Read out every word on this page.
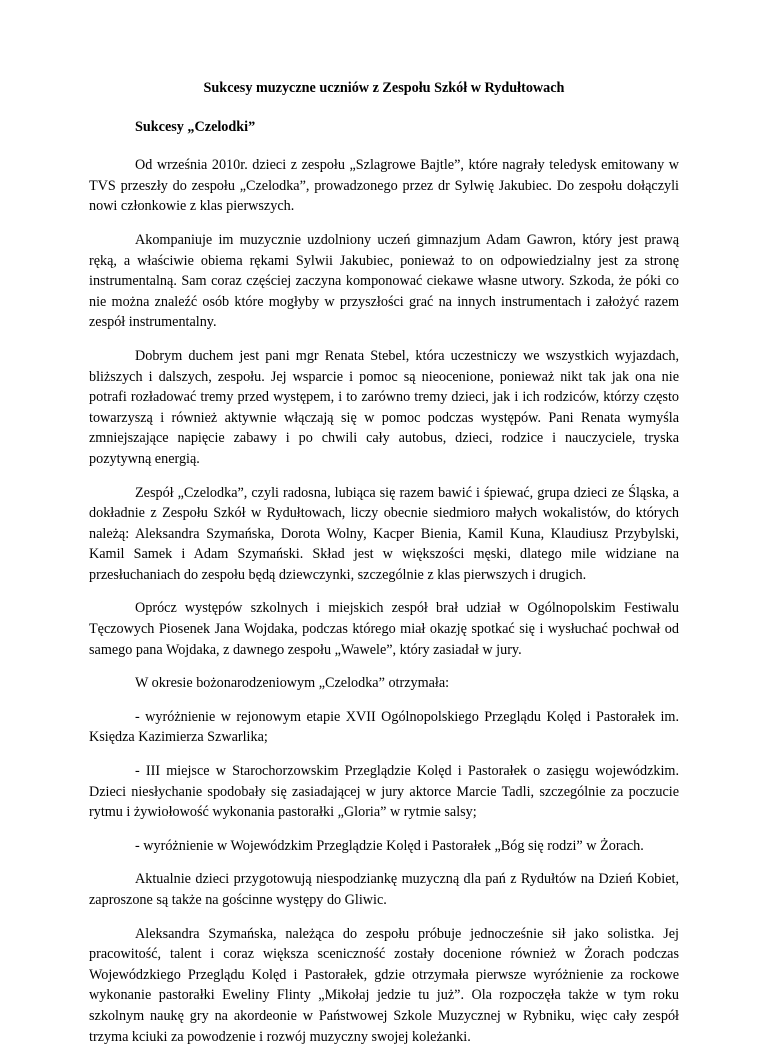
Sukcesy muzyczne uczniów z Zespołu Szkół w Rydułtowach
Sukcesy „Czelodki”

Od września 2010r. dzieci z zespołu „Szlagrowe Bajtle”, które nagrały teledysk emitowany w TVS przeszły do zespołu „Czelodka”, prowadzonego przez dr Sylwię Jakubiec. Do zespołu dołączyli nowi członkowie z klas pierwszych.

Akompaniuje im muzycznie uzdolniony uczeń gimnazjum Adam Gawron, który jest prawą ręką, a właściwie obiema rękami Sylwii Jakubiec, ponieważ to on odpowiedzialny jest za stronę instrumentalną. Sam coraz częściej zaczyna komponować ciekawe własne utwory. Szkoda, że póki co nie można znaleźć osób które mogłyby w przyszłości grać na innych instrumentach i założyć razem zespół instrumentalny.

Dobrym duchem jest pani mgr Renata Stebel, która uczestniczy we wszystkich wyjazdach, bliższych i dalszych, zespołu. Jej wsparcie i pomoc są nieocenione, ponieważ nikt tak jak ona nie potrafi rozładować tremy przed występem, i to zarówno tremy dzieci, jak i ich rodziców, którzy często towarzyszą i również aktywnie włączają się w pomoc podczas występów. Pani Renata wymyśla zmniejszające napięcie zabawy i po chwili cały autobus, dzieci, rodzice i nauczyciele, tryska pozytywną energią.

Zespół „Czelodka”, czyli radosna, lubiąca się razem bawić i śpiewać, grupa dzieci ze Śląska, a dokładnie z Zespołu Szkół w Rydułtowach, liczy obecnie siedmioro małych wokalistów, do których należą: Aleksandra Szymańska, Dorota Wolny, Kacper Bienia, Kamil Kuna, Klaudiusz Przybylski, Kamil Samek i Adam Szymański. Skład jest w większości męski, dlatego mile widziane na przesłuchaniach do zespołu będą dziewczynki, szczególnie z klas pierwszych i drugich.

Oprócz występów szkolnych i miejskich zespół brał udział w Ogólnopolskim Festiwalu Tęczowych Piosenek Jana Wojdaka, podczas którego miał okazję spotkać się i wysłuchać pochwał od samego pana Wojdaka, z dawnego zespołu „Wawele”, który zasiadał w jury.

W okresie bożonarodzeniowym „Czelodka” otrzymała:

- wyróżnienie w rejonowym etapie XVII Ogólnopolskiego Przeglądu Kolęd i Pastorałek im. Księdza Kazimierza Szwarlika;

- III miejsce w Starochorzowskim Przeglądzie Kolęd i Pastorałek o zasięgu wojewódzkim. Dzieci niesłychanie spodobały się zasiadającej w jury aktorce Marcie Tadli, szczególnie za poczucie rytmu i żywiołowość wykonania pastorałki „Gloria” w rytmie salsy;

- wyróżnienie w Wojewódzkim Przeglądzie Kolęd i Pastorałek „Bóg się rodzi” w Żorach.

Aktualnie dzieci przygotowują niespodziankę muzyczną dla pań z Rydułtów na Dzień Kobiet, zaproszone są także na gościnne występy do Gliwic.

Aleksandra Szymańska, należąca do zespołu próbuje jednocześnie sił jako solistka. Jej pracowitość, talent i coraz większa sceniczność zostały docenione również w Żorach podczas Wojewódzkiego Przeglądu Kolęd i Pastorałek, gdzie otrzymała pierwsze wyróżnienie za rockowe wykonanie pastorałki Eweliny Flinty „Mikołaj jedzie tu już”. Ola rozpoczęła także w tym roku szkolnym naukę gry na akordeonie w Państwowej Szkole Muzycznej w Rybniku, więc cały zespół trzyma kciuki za powodzenie i rozwój muzyczny swojej koleżanki.
